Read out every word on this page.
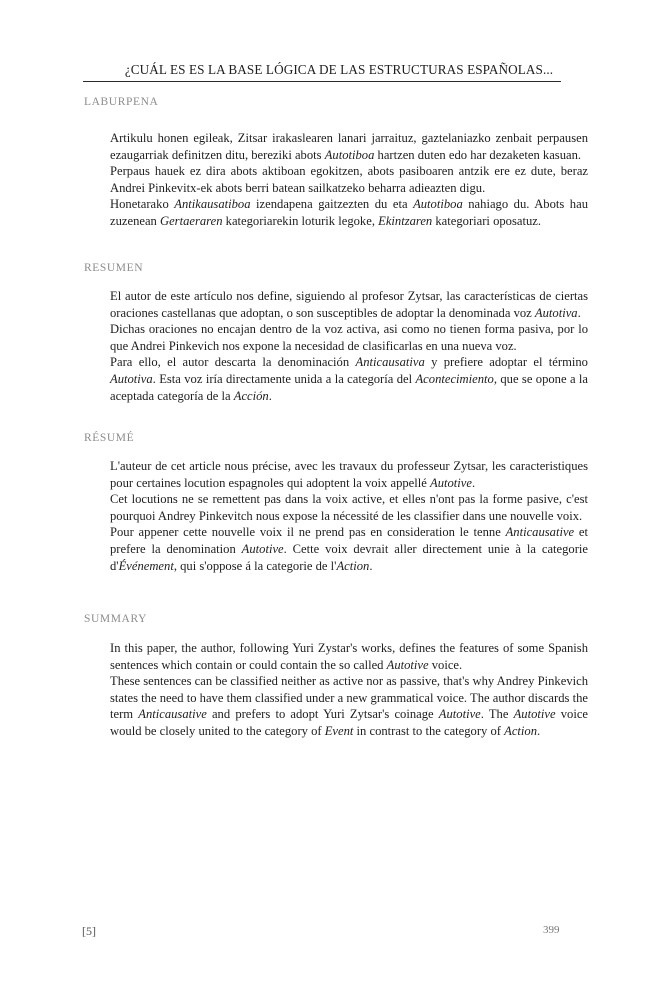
¿CUÁL ES ES LA BASE LÓGICA DE LAS ESTRUCTURAS ESPAÑOLAS...
LABURPENA

Artikulu honen egileak, Zitsar irakaslearen lanari jarraituz, gaztelaniazko zenbait perpausen ezaugarriak definitzen ditu, bereziki abots Autotiboa hartzen duten edo har dezaketen kasuan.

Perpaus hauek ez dira abots aktiboan egokitzen, abots pasiboaren antzik ere ez dute, beraz Andrei Pinkevitx-ek abots berri batean sailkatzeko beharra adieazten digu.

Honetarako Antikausatiboa izendapena gaitzezten du eta Autotiboa nahiago du. Abots hau zuzenean Gertaeraren kategoriarekin loturik legoke, Ekintzaren kategoriari oposatuz.

RESUMEN

El autor de este artículo nos define, siguiendo al profesor Zytsar, las características de ciertas oraciones castellanas que adoptan, o son susceptibles de adoptar la denominada voz Autotiva.

Dichas oraciones no encajan dentro de la voz activa, asi como no tienen forma pasiva, por lo que Andrei Pinkevich nos expone la necesidad de clasificarlas en una nueva voz.

Para ello, el autor descarta la denominación Anticausativa y prefiere adoptar el término Autotiva. Esta voz iría directamente unida a la categoría del Acontecimiento, que se opone a la aceptada categoría de la Acción.

RÉSUMÉ

L'auteur de cet article nous précise, avec les travaux du professeur Zytsar, les caracteristiques pour certaines locution espagnoles qui adoptent la voix appellé Autotive.

Cet locutions ne se remettent pas dans la voix active, et elles n'ont pas la forme pasive, c'est pourquoi Andrey Pinkevitch nous expose la nécessité de les classifier dans une nouvelle voix.

Pour appener cette nouvelle voix il ne prend pas en consideration le tenne Anticausative et prefere la denomination Autotive. Cette voix devrait aller directement unie à la categorie d'Événement, qui s'oppose á la categorie de l'Action.

SUMMARY

In this paper, the author, following Yuri Zystar's works, defines the features of some Spanish sentences which contain or could contain the so called Autotive voice.

These sentences can be classified neither as active nor as passive, that's why Andrey Pinkevich states the need to have them classified under a new grammatical voice. The author discards the term Anticausative and prefers to adopt Yuri Zytsar's coinage Autotive. The Autotive voice would be closely united to the category of Event in contrast to the category of Action.

[5]	399
